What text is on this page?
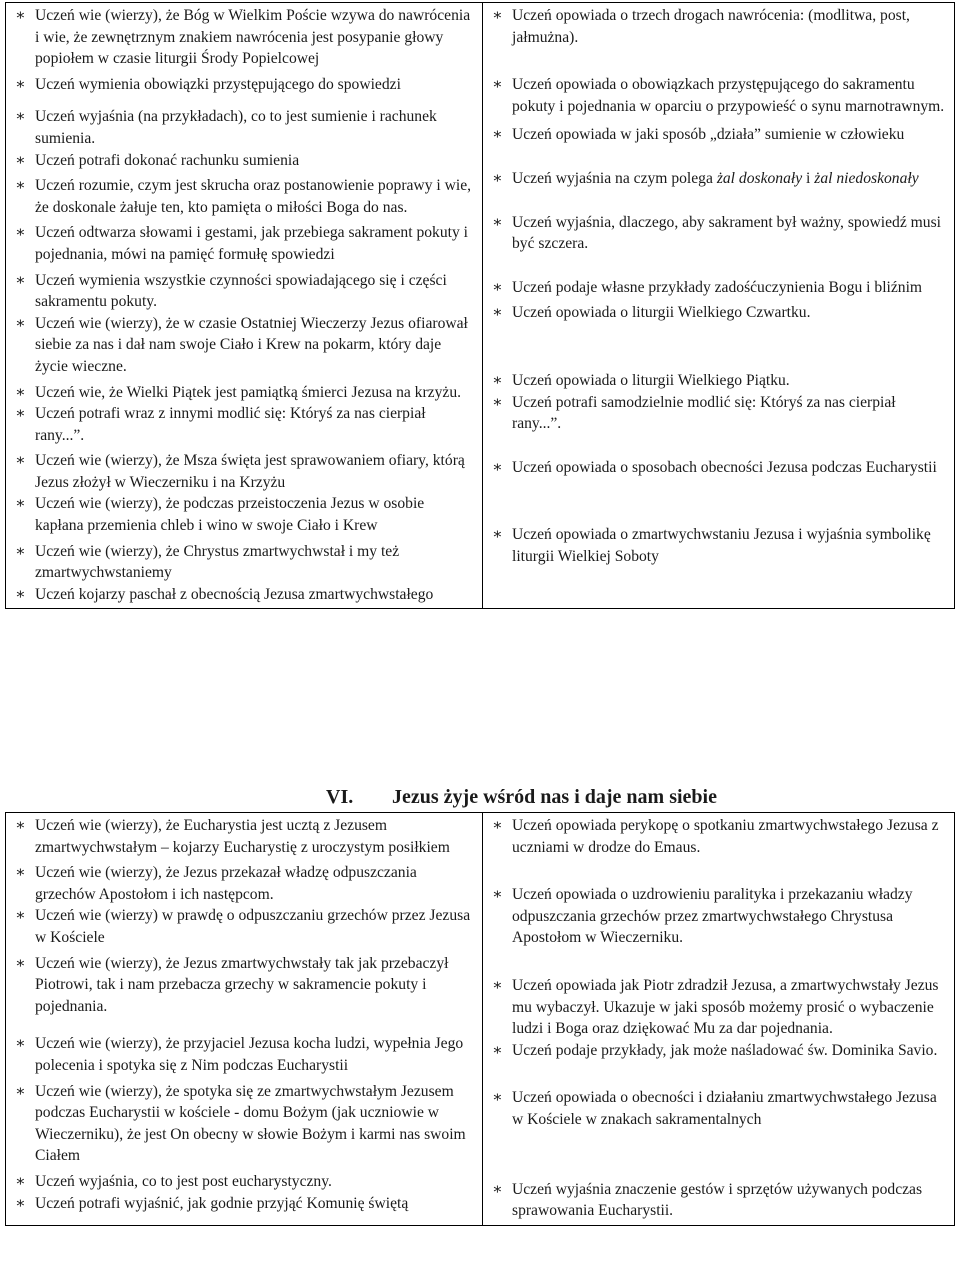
∗ Uczeń wie (wierzy), że Bóg w Wielkim Poście wzywa do nawrócenia i wie, że zewnętrznym znakiem nawrócenia jest posypanie głowy popiołem w czasie liturgii Środy Popielcowej
∗ Uczeń wymienia obowiązki przystępującego do spowiedzi
∗ Uczeń wyjaśnia (na przykładach), co to jest sumienie i rachunek sumienia.
∗ Uczeń potrafi dokonać rachunku sumienia
∗ Uczeń rozumie, czym jest skrucha oraz postanowienie poprawy i wie, że doskonale żałuje ten, kto pamięta o miłości Boga do nas.
∗ Uczeń odtwarza słowami i gestami, jak przebiega sakrament pokuty i pojednania, mówi na pamięć formułę spowiedzi
∗ Uczeń wymienia wszystkie czynności spowiadającego się i części sakramentu pokuty.
∗ Uczeń wie (wierzy), że w czasie Ostatniej Wieczerzy Jezus ofiarował siebie za nas i dał nam swoje Ciało i Krew na pokarm, który daje życie wieczne.
∗ Uczeń wie, że Wielki Piątek jest pamiątką śmierci Jezusa na krzyżu.
∗ Uczeń potrafi wraz z innymi modlić się: Któryś za nas cierpiał rany...”.
∗ Uczeń wie (wierzy), że Msza święta jest sprawowaniem ofiary, którą Jezus złożył w Wieczerniku i na Krzyżu
∗ Uczeń wie (wierzy), że podczas przeistoczenia Jezus w osobie kapłana przemienia chleb i wino w swoje Ciało i Krew
∗ Uczeń wie (wierzy), że Chrystus zmartwychwstał i my też zmartwychwstaniemy
∗ Uczeń kojarzy paschał z obecnością Jezusa zmartwychwstałego

∗ Uczeń opowiada o trzech drogach nawrócenia: (modlitwa, post, jałmużna).
∗ Uczeń opowiada o obowiązkach przystępującego do sakramentu pokuty i pojednania w oparciu o przypowieść o synu marnotrawnym.
∗ Uczeń opowiada w jaki sposób „działa” sumienie w człowieku
∗ Uczeń wyjaśnia na czym polega żal doskonały i żal niedoskonały
∗ Uczeń wyjaśnia, dlaczego, aby sakrament był ważny, spowiedź musi być szczera.
∗ Uczeń podaje własne przykłady zadośćuczynienia Bogu i bliźnim
∗ Uczeń opowiada o liturgii Wielkiego Czwartku.
∗ Uczeń opowiada o liturgii Wielkiego Piątku.
∗ Uczeń potrafi samodzielnie modlić się: Któryś za nas cierpiał rany...”.
∗ Uczeń opowiada o sposobach obecności Jezusa podczas Eucharystii
∗ Uczeń opowiada o zmartwychwstaniu Jezusa i wyjaśnia symbolikę liturgii Wielkiej Soboty
VI. Jezus żyje wśród nas i daje nam siebie
∗ Uczeń wie (wierzy), że Eucharystia jest ucztą z Jezusem zmartwychwstałym – kojarzy Eucharystię z uroczystym posiłkiem
∗ Uczeń wie (wierzy), że Jezus przekazał władzę odpuszczania grzechów Apostołom i ich następcom.
∗ Uczeń wie (wierzy) w prawdę o odpuszczaniu grzechów przez Jezusa w Kościele
∗ Uczeń wie (wierzy), że Jezus zmartwychwstały tak jak przebaczył Piotrowi, tak i nam przebacza grzechy w sakramencie pokuty i pojednania.
∗ Uczeń wie (wierzy), że przyjaciel Jezusa kocha ludzi, wypełnia Jego polecenia i spotyka się z Nim podczas Eucharystii
∗ Uczeń wie (wierzy), że spotyka się ze zmartwychwstałym Jezusem podczas Eucharystii w kościele - domu Bożym (jak uczniowie w Wieczerniku), że jest On obecny w słowie Bożym i karmi nas swoim Ciałem
∗ Uczeń wyjaśnia, co to jest post eucharystyczny.
∗ Uczeń potrafi wyjaśnić, jak godnie przyjąć Komunię świętą

∗ Uczeń opowiada perykopę o spotkaniu zmartwychwstałego Jezusa z uczniami w drodze do Emaus.
∗ Uczeń opowiada o uzdrowieniu paralityka i przekazaniu władzy odpuszczania grzechów przez zmartwychwstałego Chrystusa Apostołom w Wieczerniku.
∗ Uczeń opowiada jak Piotr zdradził Jezusa, a zmartwychwstały Jezus mu wybaczył. Ukazuje w jaki sposób możemy prosić o wybaczenie ludzi i Boga oraz dziękować Mu za dar pojednania.
∗ Uczeń podaje przykłady, jak może naśladować św. Dominika Savio.
∗ Uczeń opowiada o obecności i działaniu zmartwychwstałego Jezusa w Kościele w znakach sakramentalnych
∗ Uczeń wyjaśnia znaczenie gestów i sprzętów używanych podczas sprawowania Eucharystii.
